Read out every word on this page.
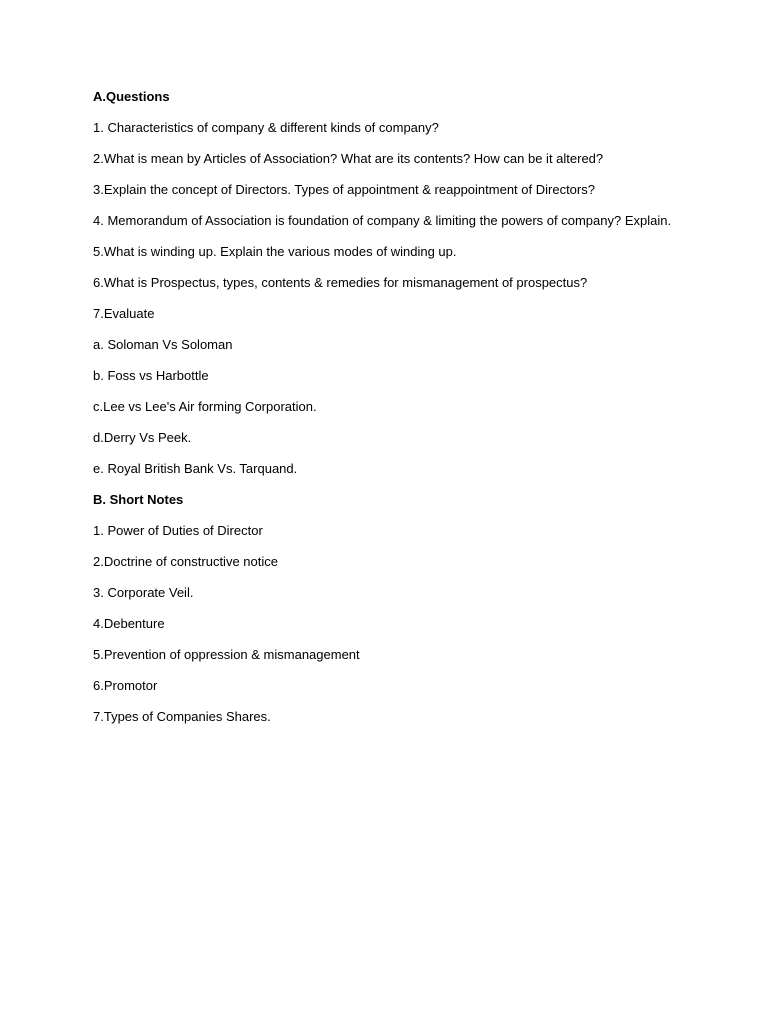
A.Questions

1. Characteristics of company & different kinds of company?

2.What is mean by Articles of Association? What are its contents? How can be it altered?

3.Explain the concept of Directors. Types of appointment & reappointment of Directors?

4. Memorandum of Association is foundation of company & limiting the powers of company? Explain.

5.What is winding up. Explain the various modes of winding up.

6.What is Prospectus, types, contents & remedies for mismanagement of prospectus?

7.Evaluate

a. Soloman Vs Soloman

b. Foss vs Harbottle

c.Lee vs Lee's Air forming Corporation.

d.Derry Vs Peek.

e. Royal British Bank Vs. Tarquand.

B. Short Notes

1. Power of Duties of Director

2.Doctrine of constructive notice

3. Corporate Veil.

4.Debenture

5.Prevention of oppression & mismanagement

6.Promotor

7.Types of Companies Shares.
